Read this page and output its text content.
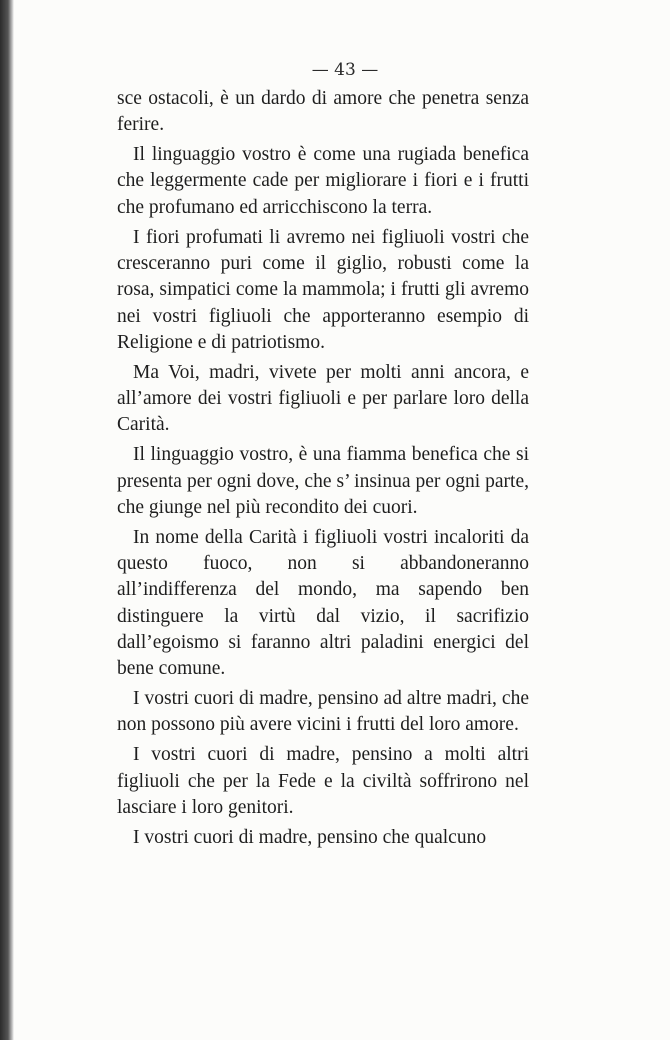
— 43 —

sce ostacoli, è un dardo di amore che penetra senza ferire.

Il linguaggio vostro è come una rugiada benefica che leggermente cade per migliorare i fiori e i frutti che profumano ed arricchiscono la terra.

I fiori profumati li avremo nei figliuoli vostri che cresceranno puri come il giglio, robusti come la rosa, simpatici come la mammola; i frutti gli avremo nei vostri figliuoli che apporteranno esempio di Religione e di patriotismo.

Ma Voi, madri, vivete per molti anni ancora, e all’amore dei vostri figliuoli e per parlare loro della Carità.

Il linguaggio vostro, è una fiamma benefica che si presenta per ogni dove, che s’ insinua per ogni parte, che giunge nel più recondito dei cuori.

In nome della Carità i figliuoli vostri incaloriti da questo fuoco, non si abbandoneranno all’indifferenza del mondo, ma sapendo ben distinguere la virtù dal vizio, il sacrifizio dall’egoismo si faranno altri paladini energici del bene comune.

I vostri cuori di madre, pensino ad altre madri, che non possono più avere vicini i frutti del loro amore.

I vostri cuori di madre, pensino a molti altri figliuoli che per la Fede e la civiltà soffrirono nel lasciare i loro genitori.

I vostri cuori di madre, pensino che qualcuno
